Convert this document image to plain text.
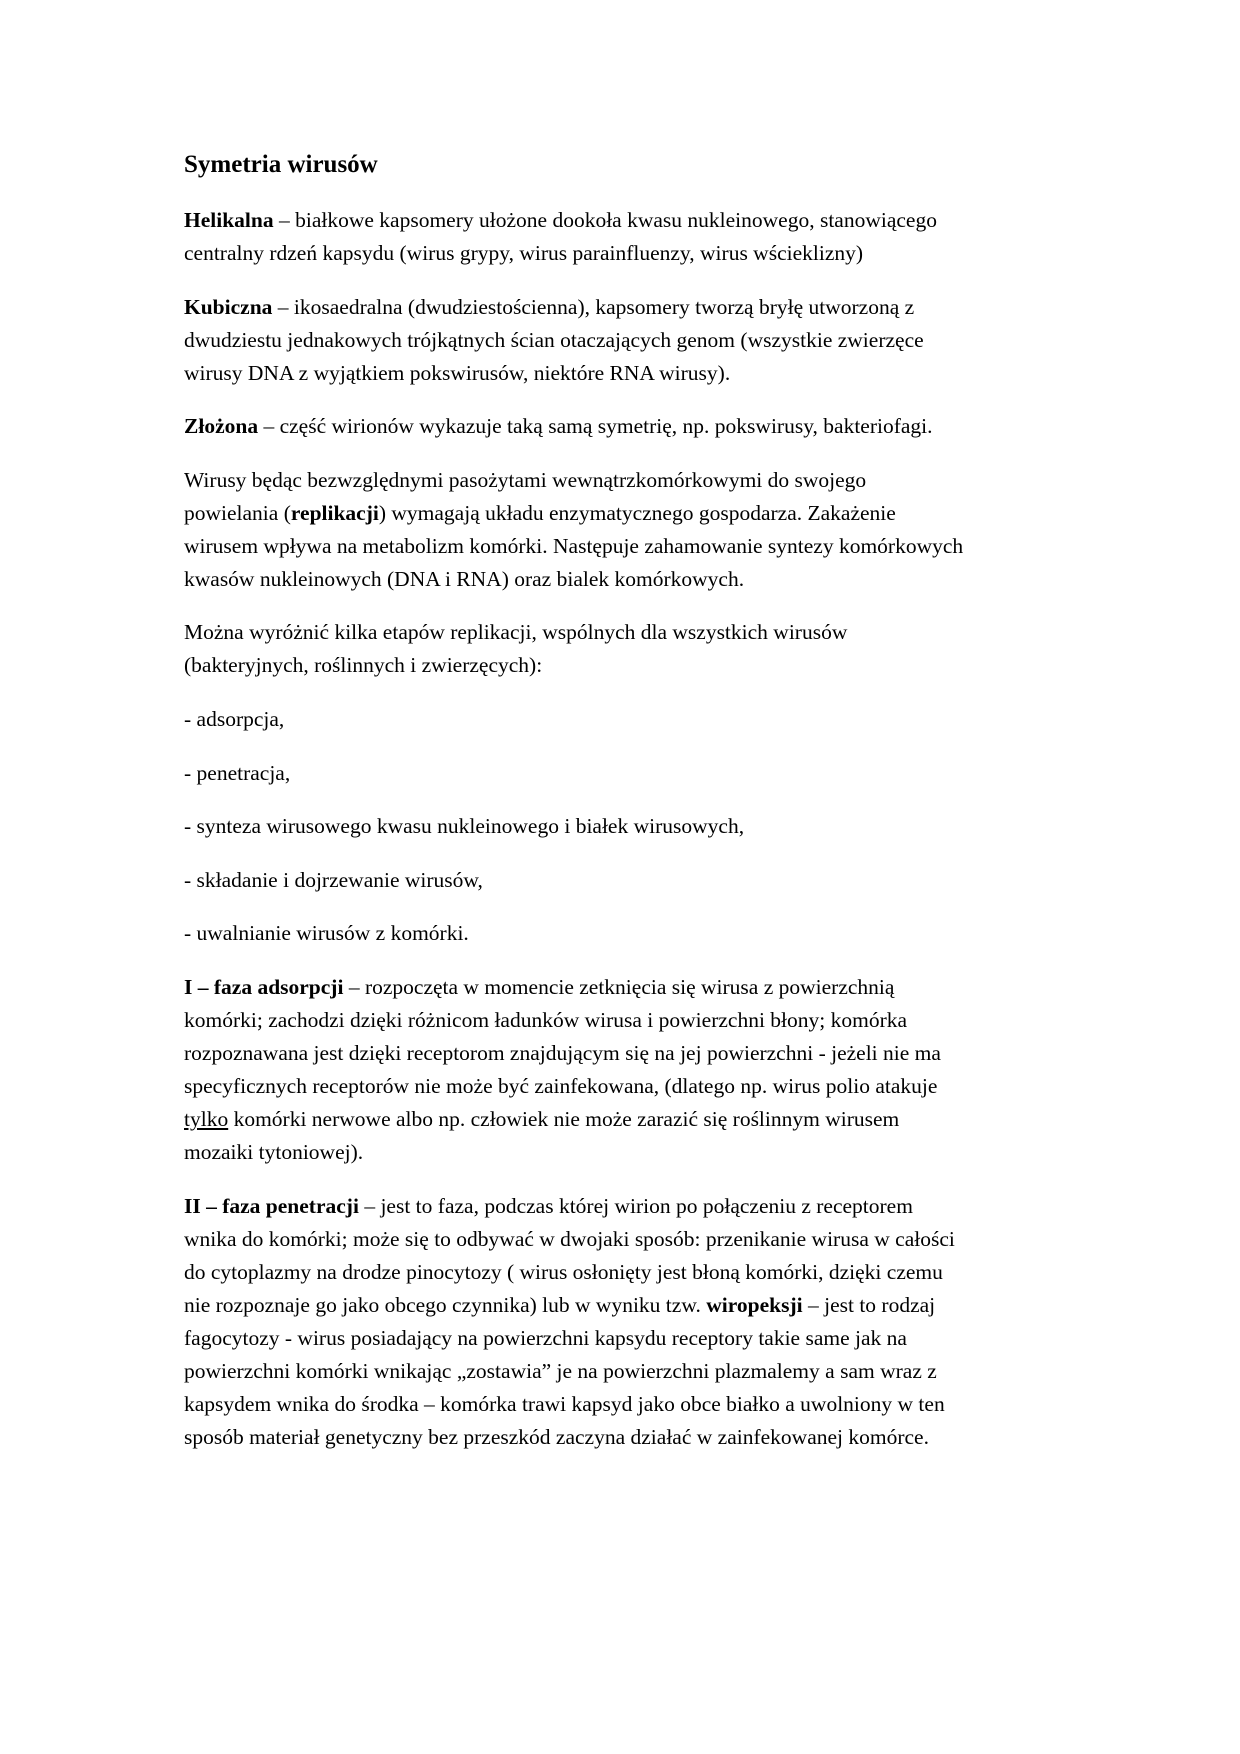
Symetria wirusów

Helikalna – białkowe kapsomery ułożone dookoła kwasu nukleinowego, stanowiącego
centralny rdzeń kapsydu (wirus grypy, wirus parainfluenzy, wirus wścieklizny)

Kubiczna – ikosaedralna (dwudziestościenna), kapsomery tworzą bryłę utworzoną z
dwudziestu jednakowych trójkątnych ścian otaczających genom (wszystkie zwierzęce
wirusy DNA z wyjątkiem pokswirusów, niektóre RNA wirusy).

Złożona – część wirionów wykazuje taką samą symetrię, np. pokswirusy, bakteriofagi.

Wirusy będąc bezwzględnymi pasożytami wewnątrzkomórkowymi do swojego
powielania (replikacji) wymagają układu enzymatycznego gospodarza. Zakażenie
wirusem wpływa na metabolizm komórki. Następuje zahamowanie syntezy komórkowych
kwasów nukleinowych (DNA i RNA) oraz bialek komórkowych.

Można wyróżnić kilka etapów replikacji, wspólnych dla wszystkich wirusów
(bakteryjnych, roślinnych i zwierzęcych):

- adsorpcja,

- penetracja,

- synteza wirusowego kwasu nukleinowego i białek wirusowych,

- składanie i dojrzewanie wirusów,

- uwalnianie wirusów z komórki.

I – faza adsorpcji – rozpoczęta w momencie zetknięcia się wirusa z powierzchnią
komórki; zachodzi dzięki różnicom ładunków wirusa i powierzchni błony; komórka
rozpoznawana jest dzięki receptorom znajdującym się na jej powierzchni - jeżeli nie ma
specyficznych receptorów nie może być zainfekowana, (dlatego np. wirus polio atakuje
tylko komórki nerwowe albo np. człowiek nie może zarazić się roślinnym wirusem
mozaiki tytoniowej).

II – faza penetracji – jest to faza, podczas której wirion po połączeniu z receptorem
wnika do komórki; może się to odbywać w dwojaki sposób: przenikanie wirusa w całości
do cytoplazmy na drodze pinocytozy ( wirus osłonięty jest błoną komórki, dzięki czemu
nie rozpoznaje go jako obcego czynnika) lub w wyniku tzw. wiropeksji – jest to rodzaj
fagocytozy - wirus posiadający na powierzchni kapsydu receptory takie same jak na
powierzchni komórki wnikając „zostawia” je na powierzchni plazmalemy a sam wraz z
kapsydem wnika do środka – komórka trawi kapsyd jako obce białko a uwolniony w ten
sposób materiał genetyczny bez przeszkód zaczyna działać w zainfekowanej komórce.
